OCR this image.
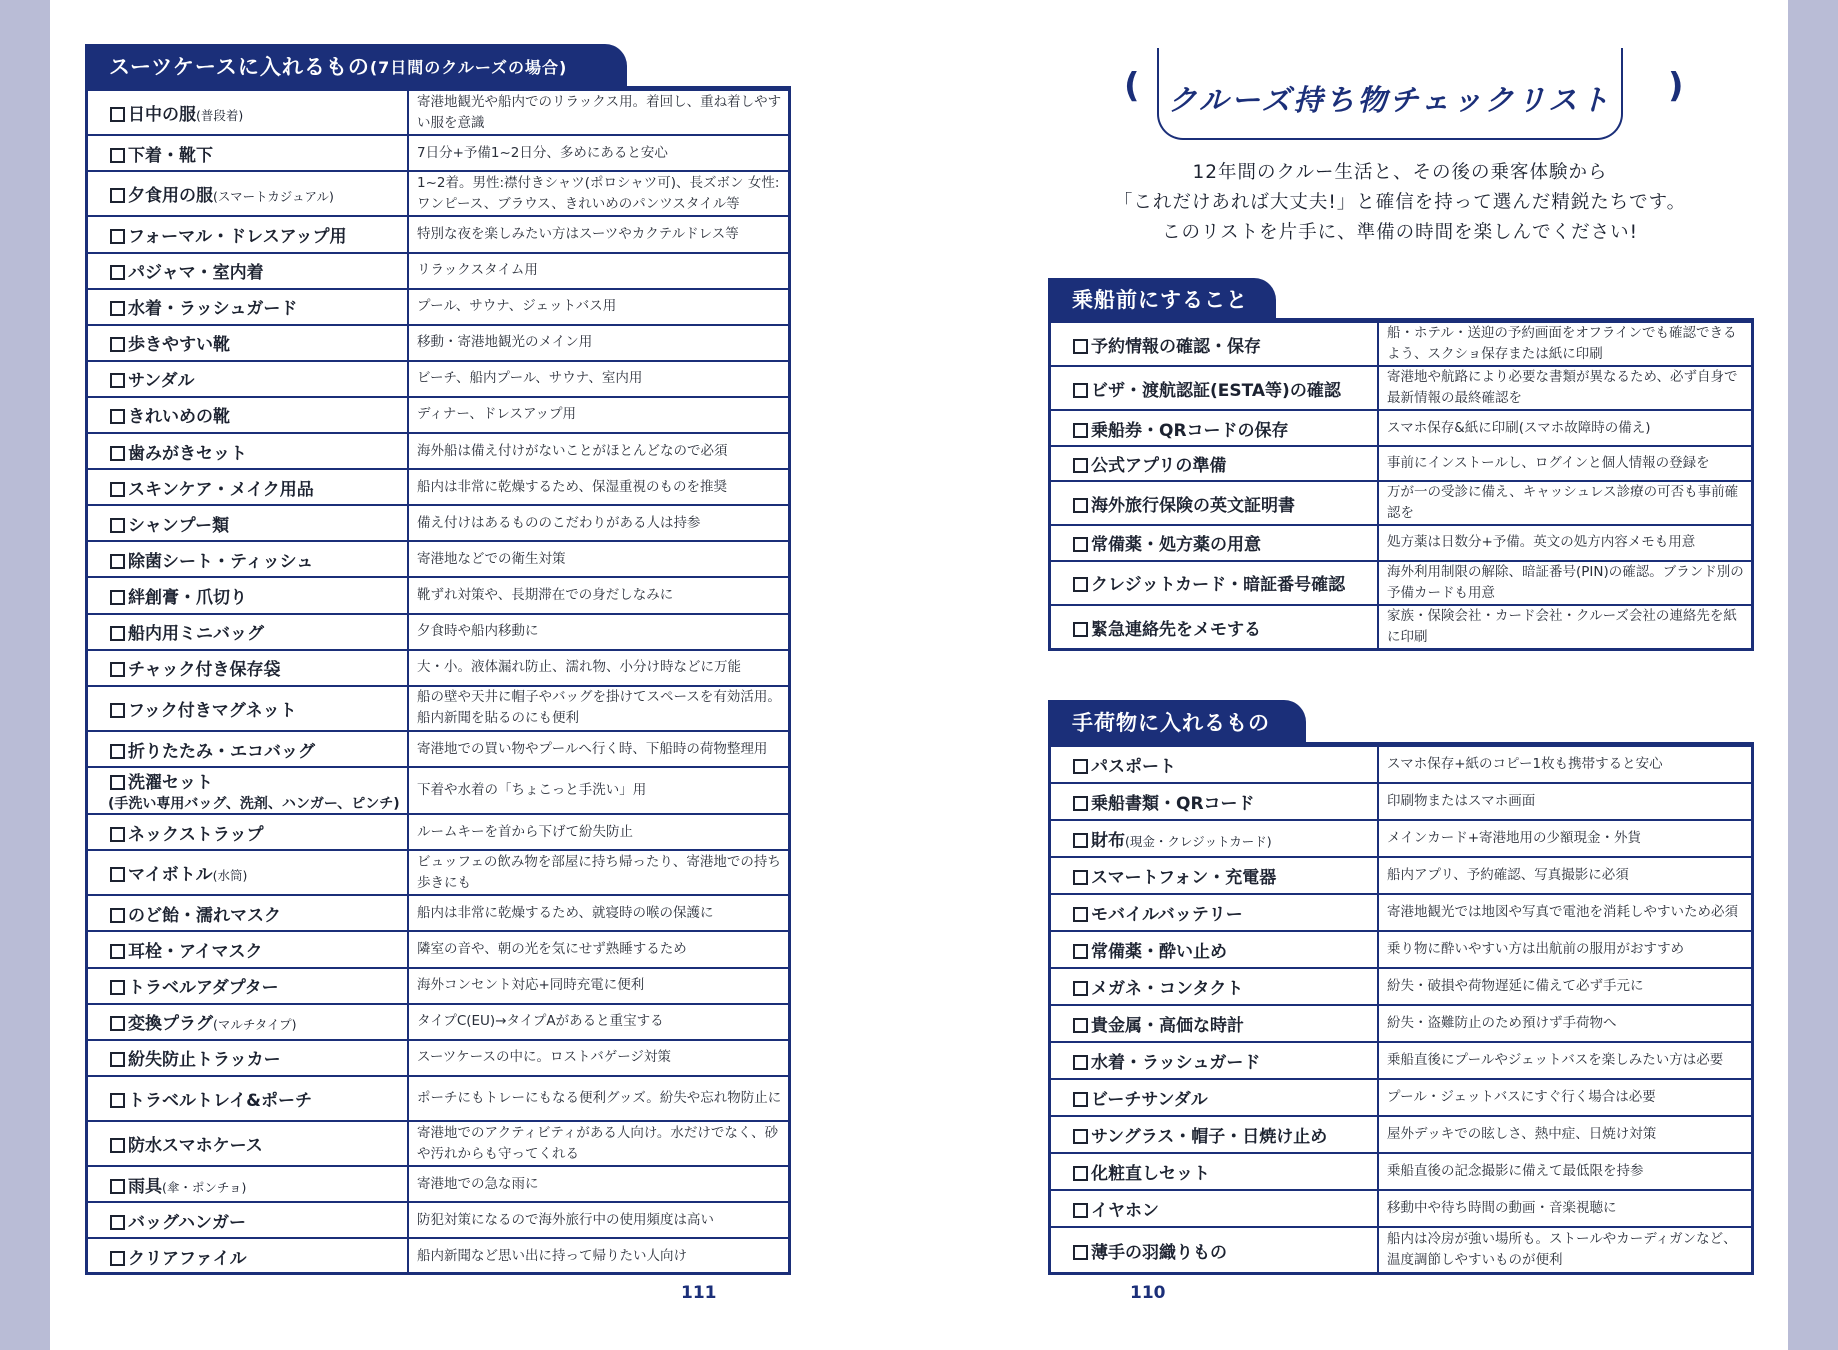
スーツケースに入れるもの (7日間のクルーズの場合)
日中の服(普段着)	寄港地観光や船内でのリラックス用。着回し、重ね着しやすい服を意識
下着・靴下	7日分+予備1~2日分、多めにあると安心
夕食用の服(スマートカジュアル)	1~2着。男性:襟付きシャツ(ポロシャツ可)、長ズボン 女性:ワンピース、ブラウス、きれいめのパンツスタイル等
フォーマル・ドレスアップ用	特別な夜を楽しみたい方はスーツやカクテルドレス等
パジャマ・室内着	リラックスタイム用
水着・ラッシュガード	プール、サウナ、ジェットバス用
歩きやすい靴	移動・寄港地観光のメイン用
サンダル	ビーチ、船内プール、サウナ、室内用
きれいめの靴	ディナー、ドレスアップ用
歯みがきセット	海外船は備え付けがないことがほとんどなので必須
スキンケア・メイク用品	船内は非常に乾燥するため、保湿重視のものを推奨
シャンプー類	備え付けはあるもののこだわりがある人は持参
除菌シート・ティッシュ	寄港地などでの衛生対策
絆創膏・爪切り	靴ずれ対策や、長期滞在での身だしなみに
船内用ミニバッグ	夕食時や船内移動に
チャック付き保存袋	大・小。液体漏れ防止、濡れ物、小分け時などに万能
フック付きマグネット	船の壁や天井に帽子やバッグを掛けてスペースを有効活用。船内新聞を貼るのにも便利
折りたたみ・エコバッグ	寄港地での買い物やプールへ行く時、下船時の荷物整理用
洗濯セット
(手洗い専用バッグ、洗剤、ハンガー、ピンチ)	下着や水着の「ちょこっと手洗い」用
ネックストラップ	ルームキーを首から下げて紛失防止
マイボトル(水筒)	ビュッフェの飲み物を部屋に持ち帰ったり、寄港地での持ち歩きにも
のど飴・濡れマスク	船内は非常に乾燥するため、就寝時の喉の保護に
耳栓・アイマスク	隣室の音や、朝の光を気にせず熟睡するため
トラベルアダプター	海外コンセント対応+同時充電に便利
変換プラグ(マルチタイプ)	タイプC(EU)→タイプAがあると重宝する
紛失防止トラッカー	スーツケースの中に。ロストバゲージ対策
トラベルトレイ&ポーチ	ポーチにもトレーにもなる便利グッズ。紛失や忘れ物防止に
防水スマホケース	寄港地でのアクティビティがある人向け。水だけでなく、砂や汚れからも守ってくれる
雨具(傘・ポンチョ)	寄港地での急な雨に
バッグハンガー	防犯対策になるので海外旅行中の使用頻度は高い
クリアファイル	船内新聞など思い出に持って帰りたい人向け
( クルーズ持ち物チェックリスト )
12年間のクルー生活と、その後の乗客体験から
「これだけあれば大丈夫!」と確信を持って選んだ精鋭たちです。
このリストを片手に、準備の時間を楽しんでください!
乗船前にすること
予約情報の確認・保存	船・ホテル・送迎の予約画面をオフラインでも確認できるよう、スクショ保存または紙に印刷
ビザ・渡航認証(ESTA等)の確認	寄港地や航路により必要な書類が異なるため、必ず自身で最新情報の最終確認を
乗船券・QRコードの保存	スマホ保存&紙に印刷(スマホ故障時の備え)
公式アプリの準備	事前にインストールし、ログインと個人情報の登録を
海外旅行保険の英文証明書	万が一の受診に備え、キャッシュレス診療の可否も事前確認を
常備薬・処方薬の用意	処方薬は日数分+予備。英文の処方内容メモも用意
クレジットカード・暗証番号確認	海外利用制限の解除、暗証番号(PIN)の確認。ブランド別の予備カードも用意
緊急連絡先をメモする	家族・保険会社・カード会社・クルーズ会社の連絡先を紙に印刷
手荷物に入れるもの
パスポート	スマホ保存+紙のコピー1枚も携帯すると安心
乗船書類・QRコード	印刷物またはスマホ画面
財布(現金・クレジットカード)	メインカード+寄港地用の少額現金・外貨
スマートフォン・充電器	船内アプリ、予約確認、写真撮影に必須
モバイルバッテリー	寄港地観光では地図や写真で電池を消耗しやすいため必須
常備薬・酔い止め	乗り物に酔いやすい方は出航前の服用がおすすめ
メガネ・コンタクト	紛失・破損や荷物遅延に備えて必ず手元に
貴金属・高価な時計	紛失・盗難防止のため預けず手荷物へ
水着・ラッシュガード	乗船直後にプールやジェットバスを楽しみたい方は必要
ビーチサンダル	プール・ジェットバスにすぐ行く場合は必要
サングラス・帽子・日焼け止め	屋外デッキでの眩しさ、熱中症、日焼け対策
化粧直しセット	乗船直後の記念撮影に備えて最低限を持参
イヤホン	移動中や待ち時間の動画・音楽視聴に
薄手の羽織りもの	船内は冷房が強い場所も。ストールやカーディガンなど、温度調節しやすいものが便利
111	110
